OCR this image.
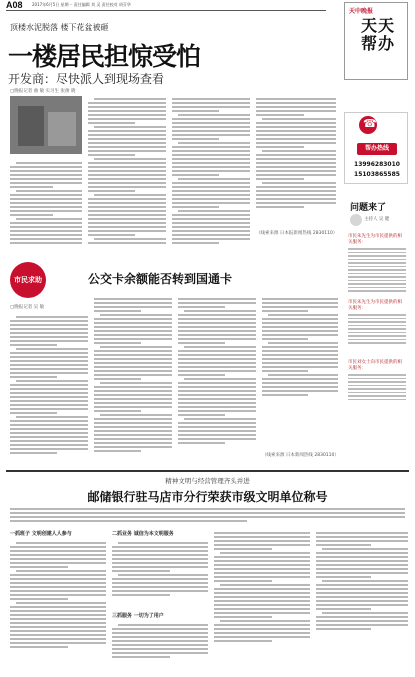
A08 2017年6月5日 星期一 责任编辑 刘 灵 责任校对 胡芬华
天中晚报
天天帮办
顶楼水泥脱落 楼下花盆被砸
一楼居民担惊受怕
开发商：尽快派人到现场查看
□晚报记者 曲 敏 实习生 张俊 晓
（线索来源 日本报新闻热线 2830110）
☎
帮办热线
13996283010
15103865585
问题来了
主持人 吴 健
市民朱先生为市民提供的相关服务：
市民朱先生为市民提供的相关服务：
市民刘女士向市民提供的相关服务：
市民求助	公交卡余额能否转到国通卡
□晚报记者 吴 敏
（线索来源 日本新闻热线 2830110）
精神文明与经营管理齐头并进
邮储银行驻马店市分行荣获市级文明单位称号
一抓班子 文明创建人人参与	二抓业务 诚信为本文明服务
三抓服务 一切为了用户
